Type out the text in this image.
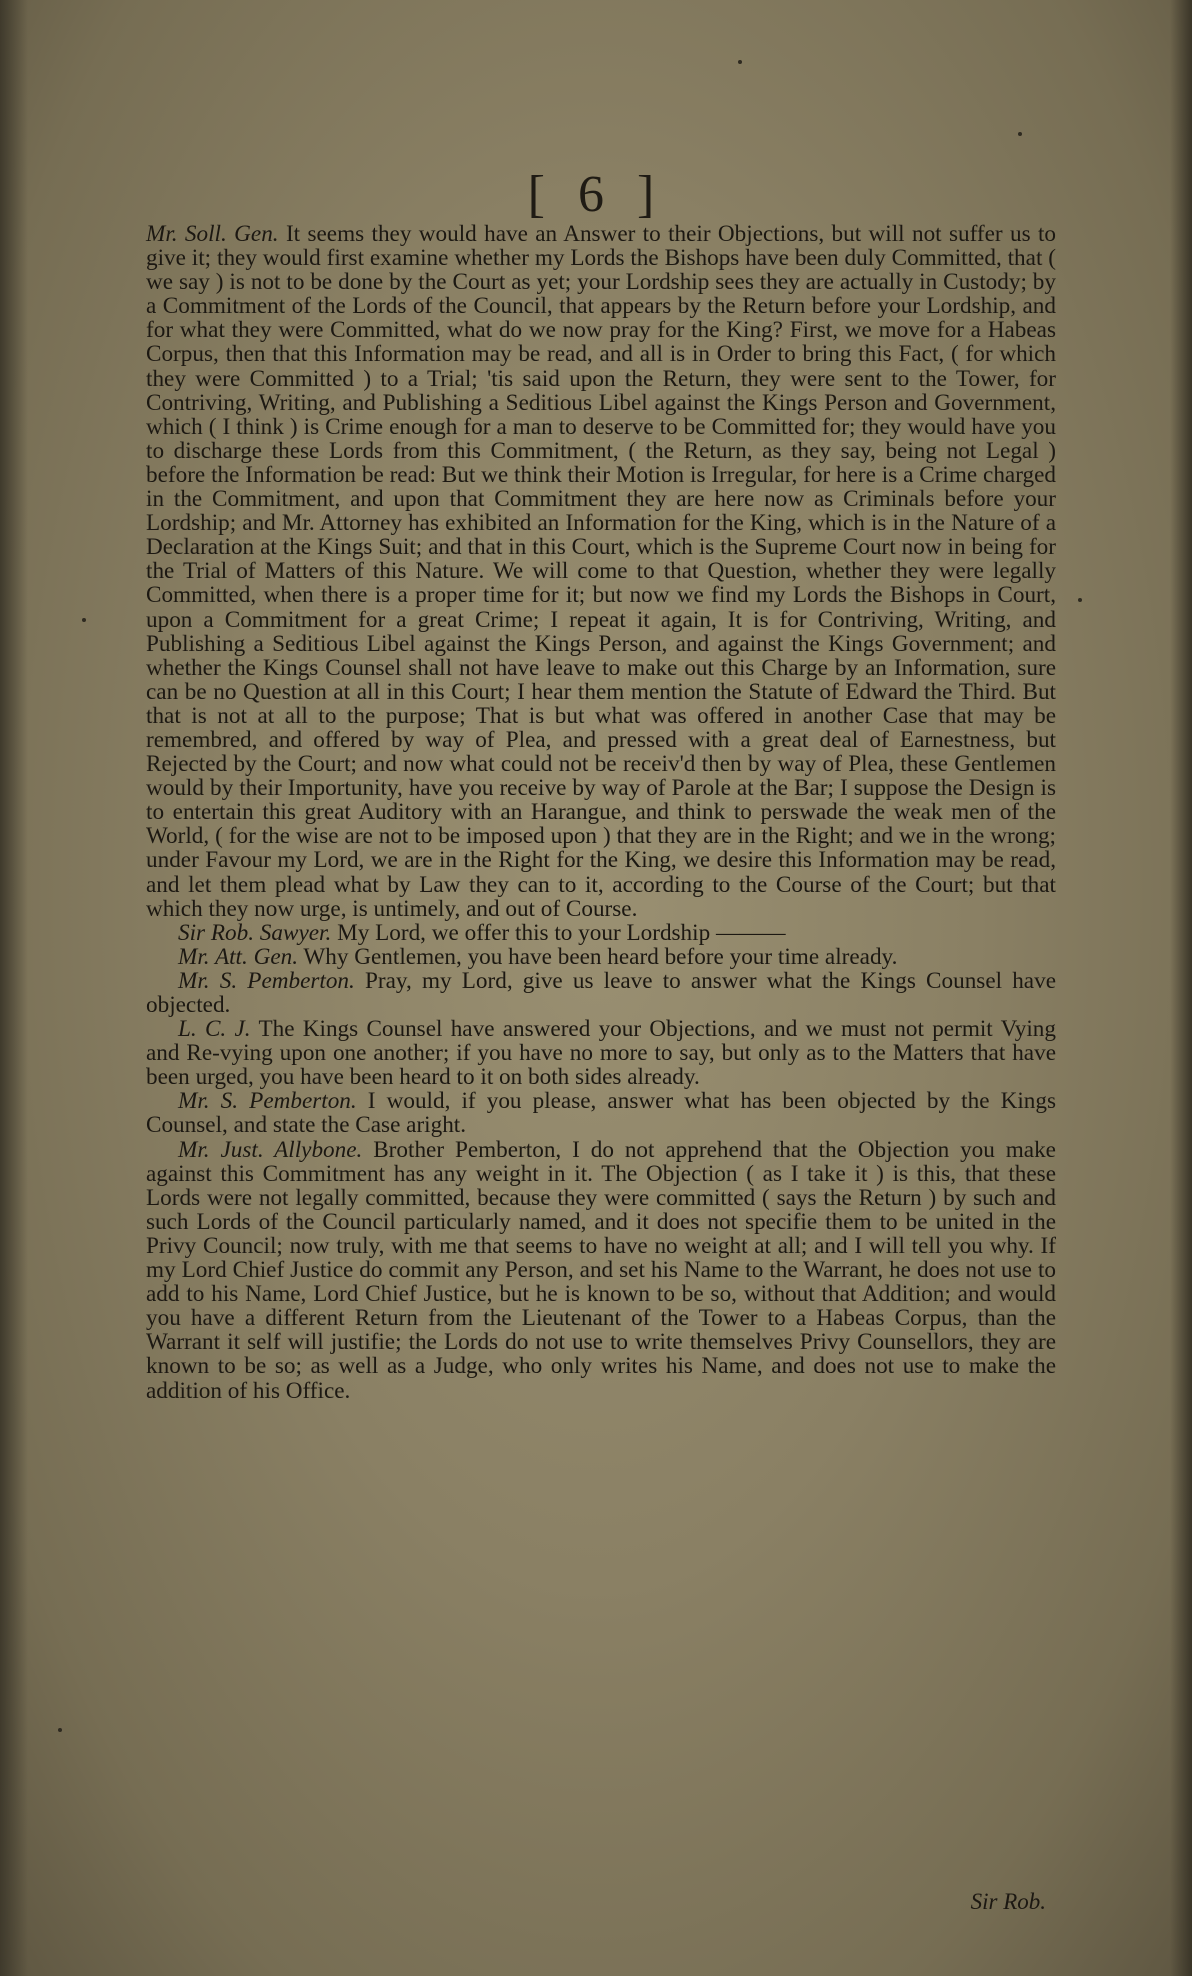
[ 6 ]

Mr. Soll. Gen. It seems they would have an Answer to their Objections, but will not suffer us to give it; they would first examine whether my Lords the Bishops have been duly Committed, that ( we say ) is not to be done by the Court as yet; your Lordship sees they are actually in Custody; by a Commitment of the Lords of the Council, that appears by the Return before your Lordship, and for what they were Committed, what do we now pray for the King? First, we move for a Habeas Corpus, then that this Information may be read, and all is in Order to bring this Fact, ( for which they were Committed ) to a Trial; 'tis said upon the Return, they were sent to the Tower, for Contriving, Writing, and Publishing a Seditious Libel against the Kings Person and Government, which ( I think ) is Crime enough for a man to deserve to be Committed for; they would have you to discharge these Lords from this Commitment, ( the Return, as they say, being not Legal ) before the Information be read: But we think their Motion is Irregular, for here is a Crime charged in the Commitment, and upon that Commitment they are here now as Criminals before your Lordship; and Mr. Attorney has exhibited an Information for the King, which is in the Nature of a Declaration at the Kings Suit; and that in this Court, which is the Supreme Court now in being for the Trial of Matters of this Nature. We will come to that Question, whether they were legally Committed, when there is a proper time for it; but now we find my Lords the Bishops in Court, upon a Commitment for a great Crime; I repeat it again, It is for Contriving, Writing, and Publishing a Seditious Libel against the Kings Person, and against the Kings Government; and whether the Kings Counsel shall not have leave to make out this Charge by an Information, sure can be no Question at all in this Court; I hear them mention the Statute of Edward the Third. But that is not at all to the purpose; That is but what was offered in another Case that may be remembred, and offered by way of Plea, and pressed with a great deal of Earnestness, but Rejected by the Court; and now what could not be receiv'd then by way of Plea, these Gentlemen would by their Importunity, have you receive by way of Parole at the Bar; I suppose the Design is to entertain this great Auditory with an Harangue, and think to perswade the weak men of the World, ( for the wise are not to be imposed upon ) that they are in the Right; and we in the wrong; under Favour my Lord, we are in the Right for the King, we desire this Information may be read, and let them plead what by Law they can to it, according to the Course of the Court; but that which they now urge, is untimely, and out of Course.

Sir Rob. Sawyer. My Lord, we offer this to your Lordship ———

Mr. Att. Gen. Why Gentlemen, you have been heard before your time already.

Mr. S. Pemberton. Pray, my Lord, give us leave to answer what the Kings Counsel have objected.

L. C. J. The Kings Counsel have answered your Objections, and we must not permit Vying and Re-vying upon one another; if you have no more to say, but only as to the Matters that have been urged, you have been heard to it on both sides already.

Mr. S. Pemberton. I would, if you please, answer what has been objected by the Kings Counsel, and state the Case aright.

Mr. Just. Allybone. Brother Pemberton, I do not apprehend that the Objection you make against this Commitment has any weight in it. The Objection ( as I take it ) is this, that these Lords were not legally committed, because they were committed ( says the Return ) by such and such Lords of the Council particularly named, and it does not specifie them to be united in the Privy Council; now truly, with me that seems to have no weight at all; and I will tell you why. If my Lord Chief Justice do commit any Person, and set his Name to the Warrant, he does not use to add to his Name, Lord Chief Justice, but he is known to be so, without that Addition; and would you have a different Return from the Lieutenant of the Tower to a Habeas Corpus, than the Warrant it self will justifie; the Lords do not use to write themselves Privy Counsellors, they are known to be so; as well as a Judge, who only writes his Name, and does not use to make the addition of his Office.

Sir Rob.
